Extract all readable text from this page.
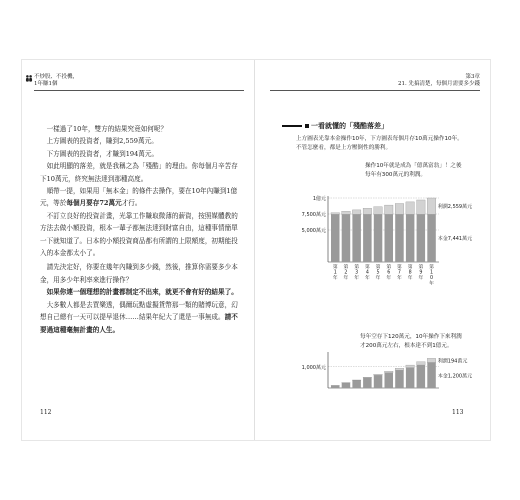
不炒股、不投機，
1年賺1個
第3章
21. 先搞清楚，每個月需要多少錢

一樣過了10年，雙方的結果究竟如何呢？

上方圖表的投資者，賺到2,559萬元。

下方圖表的投資者，才賺到194萬元。

如此明顯的落差，就是我稱之為「殘酷」的理由。你每個月辛苦存下10萬元，終究無法達到那種高度。

順帶一提，如果用「無本金」的條件去操作，要在10年內賺到1億元，等於每個月要存72萬元才行。

不訂立良好的投資計畫，光靠工作賺取微薄的薪資，按照媒體教的方法去做小額投資，根本一輩子都無法達到財富自由，這種事情簡單一下就知道了。日本的小額投資商品都有所謂的上限額度，初期能投入的本金都太小了。

請先決定好，你要在幾年內賺到多少錢，然後，推算你需要多少本金，用多少年利率來進行操作？

如果你連一個理想的計畫都制定不出來，就更不會有好的結果了。

大多數人都是去買樂透，偶爾玩點虛擬貨幣那一類的賭博玩意，幻想自己總有一天可以提早退休……結果年紀大了還是一事無成。請不要過這種毫無計畫的人生。

112	113
一看就懂的「殘酷落差」
上方圖表光靠本金操作10年，下方圖表每個月存10萬元操作10年。不管怎麼看，都是上方壓倒性的勝利。
操作10年就是成為「億萬富翁」！之後每年有300萬元的利潤。
每年空存下120萬元，10年操作下來利潤才200萬元左右，根本達不到1億元。
5,000萬元
7,500萬元
1億元
第
1
年
第
2
年
第
3
年
第
4
年
第
5
年
第
6
年
第
7
年
第
8
年
第
9
年
第
1
0
年
利潤2,559萬元
本金7,441萬元
1,000萬元
利潤194萬元
本金1,200萬元
